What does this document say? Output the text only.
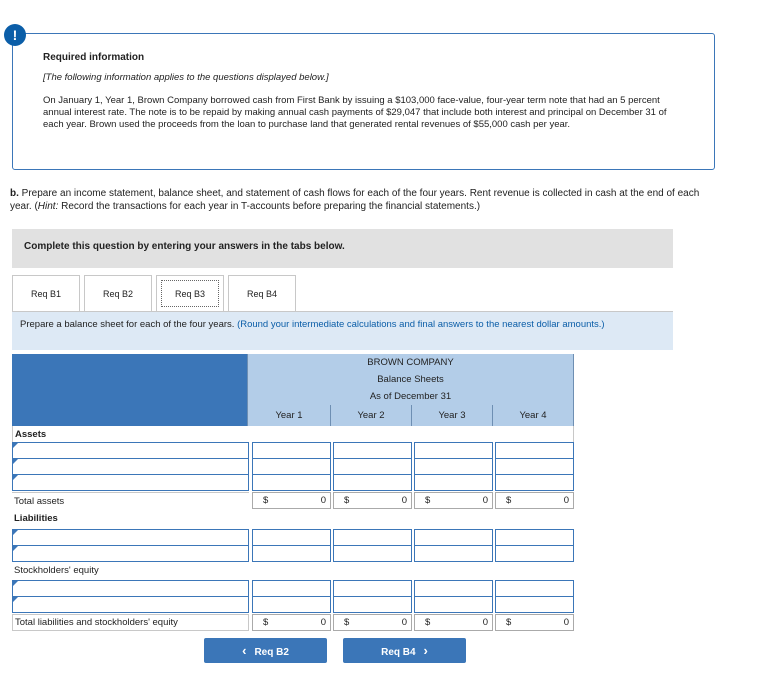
!
Required information
[The following information applies to the questions displayed below.]
On January 1, Year 1, Brown Company borrowed cash from First Bank by issuing a $103,000 face-value, four-year term note that had an 5 percent annual interest rate. The note is to be repaid by making annual cash payments of $29,047 that include both interest and principal on December 31 of each year. Brown used the proceeds from the loan to purchase land that generated rental revenues of $55,000 cash per year.
b. Prepare an income statement, balance sheet, and statement of cash flows for each of the four years. Rent revenue is collected in cash at the end of each year. (Hint: Record the transactions for each year in T-accounts before preparing the financial statements.)
Complete this question by entering your answers in the tabs below.
Req B1	Req B2	Req B3	Req B4
Prepare a balance sheet for each of the four years. (Round your intermediate calculations and final answers to the nearest dollar amounts.)
BROWN COMPANY
Balance Sheets
As of December 31
Year 1	Year 2	Year 3	Year 4
Assets
Total assets	$	0 $	0 $	0 $	0
Liabilities
Stockholders' equity
Total liabilities and stockholders' equity	$	0 $	0 $	0 $	0
‹ Req B2	Req B4 ›
